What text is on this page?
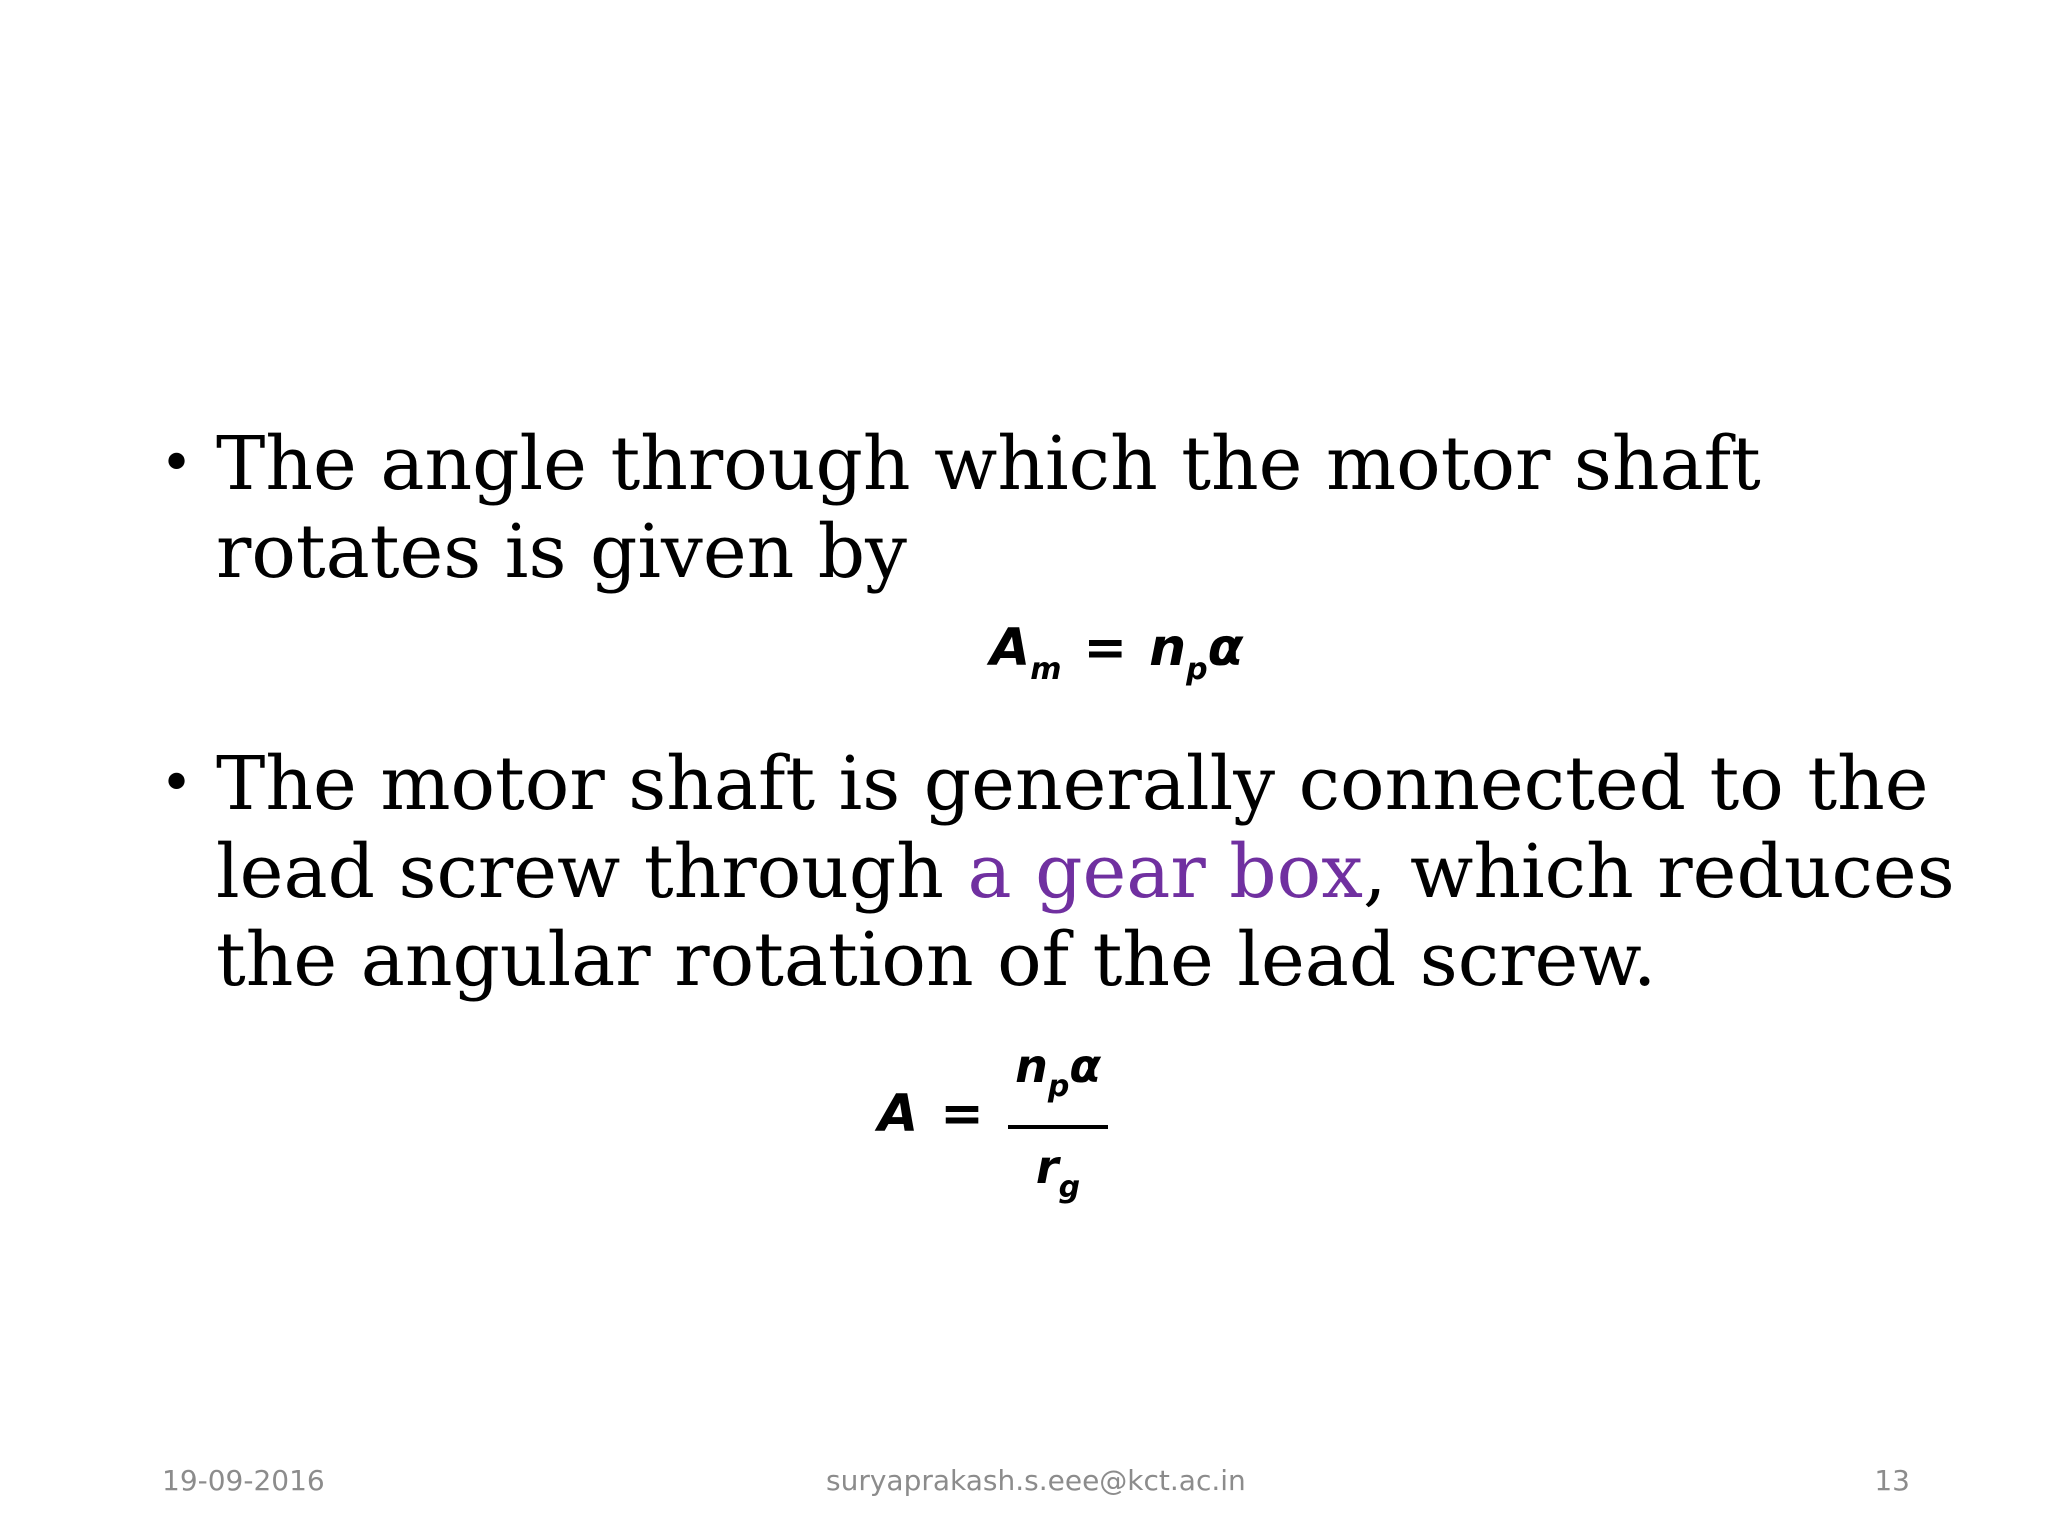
• The angle through which the motor shaft
rotates is given by
$A_m = n_p\alpha$
• The motor shaft is generally connected to the
lead screw through a gear box, which reduces
the angular rotation of the lead screw.
A =
$n_p\alpha$
$r_g$
19-09-2016	suryaprakash.s.eee@kct.ac.in	13
